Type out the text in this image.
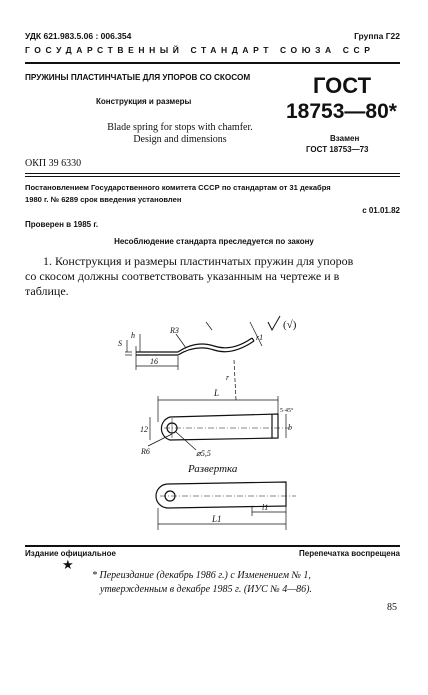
УДК 621.983.5.06 : 006.354	Группа Г22
ГОСУДАРСТВЕННЫЙ СТАНДАРТ СОЮЗА ССР
ПРУЖИНЫ ПЛАСТИНЧАТЫЕ ДЛЯ УПОРОВ СО СКОСОМ
Конструкция и размеры
Blade spring for stops with chamfer.
Design and dimensions
ОКП 39 6330
ГОСТ
18753—80*
Взамен
ГОСТ 18753—73
Постановлением Государственного комитета СССР по стандартам от 31 декабря
1980 г. № 6289 срок введения установлен
с 01.01.82
Проверен в 1985 г.
Несоблюдение стандарта преследуется по закону
1. Конструкция и размеры пластинчатых пружин для упоров
со скосом должны соответствовать указанным на чертеже и в
таблице.
(√)
S
h
R3
16
r
r1
L
12	b
R6	⌀5,5
5·45°
Развертка
L1
l1
Издание официальное	Перепечатка воспрещена
★
* Переиздание (декабрь 1986 г.) с Изменением № 1,
утвержденным в декабре 1985 г. (ИУС № 4—86).
85
